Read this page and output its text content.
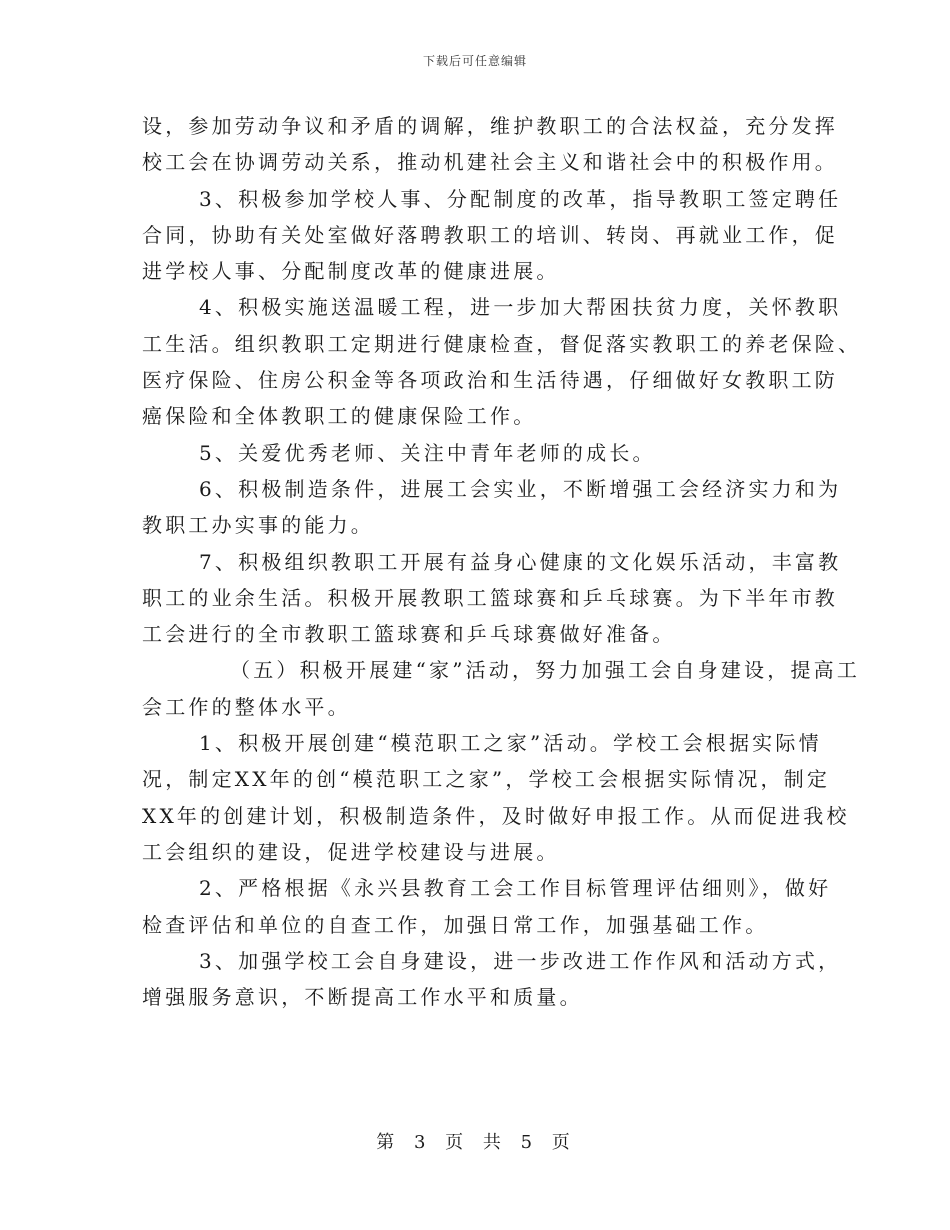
下载后可任意编辑
设，参加劳动争议和矛盾的调解，维护教职工的合法权益，充分发挥
校工会在协调劳动关系，推动机建社会主义和谐社会中的积极作用。
3、积极参加学校人事、分配制度的改革，指导教职工签定聘任
合同，协助有关处室做好落聘教职工的培训、转岗、再就业工作，促
进学校人事、分配制度改革的健康进展。
4、积极实施送温暖工程，进一步加大帮困扶贫力度，关怀教职
工生活。组织教职工定期进行健康检查，督促落实教职工的养老保险、
医疗保险、住房公积金等各项政治和生活待遇，仔细做好女教职工防
癌保险和全体教职工的健康保险工作。
5、关爱优秀老师、关注中青年老师的成长。
6、积极制造条件，进展工会实业，不断增强工会经济实力和为
教职工办实事的能力。
7、积极组织教职工开展有益身心健康的文化娱乐活动，丰富教
职工的业余生活。积极开展教职工篮球赛和乒乓球赛。为下半年市教
工会进行的全市教职工篮球赛和乒乓球赛做好准备。
（五）积极开展建“家”活动，努力加强工会自身建设，提高工
会工作的整体水平。
1、积极开展创建“模范职工之家”活动。学校工会根据实际情
况，制定XX年的创“模范职工之家”，学校工会根据实际情况，制定
XX年的创建计划，积极制造条件，及时做好申报工作。从而促进我校
工会组织的建设，促进学校建设与进展。
2、严格根据《永兴县教育工会工作目标管理评估细则》，做好
检查评估和单位的自查工作，加强日常工作，加强基础工作。
3、加强学校工会自身建设，进一步改进工作作风和活动方式，
增强服务意识，不断提高工作水平和质量。
第 3 页 共 5 页
